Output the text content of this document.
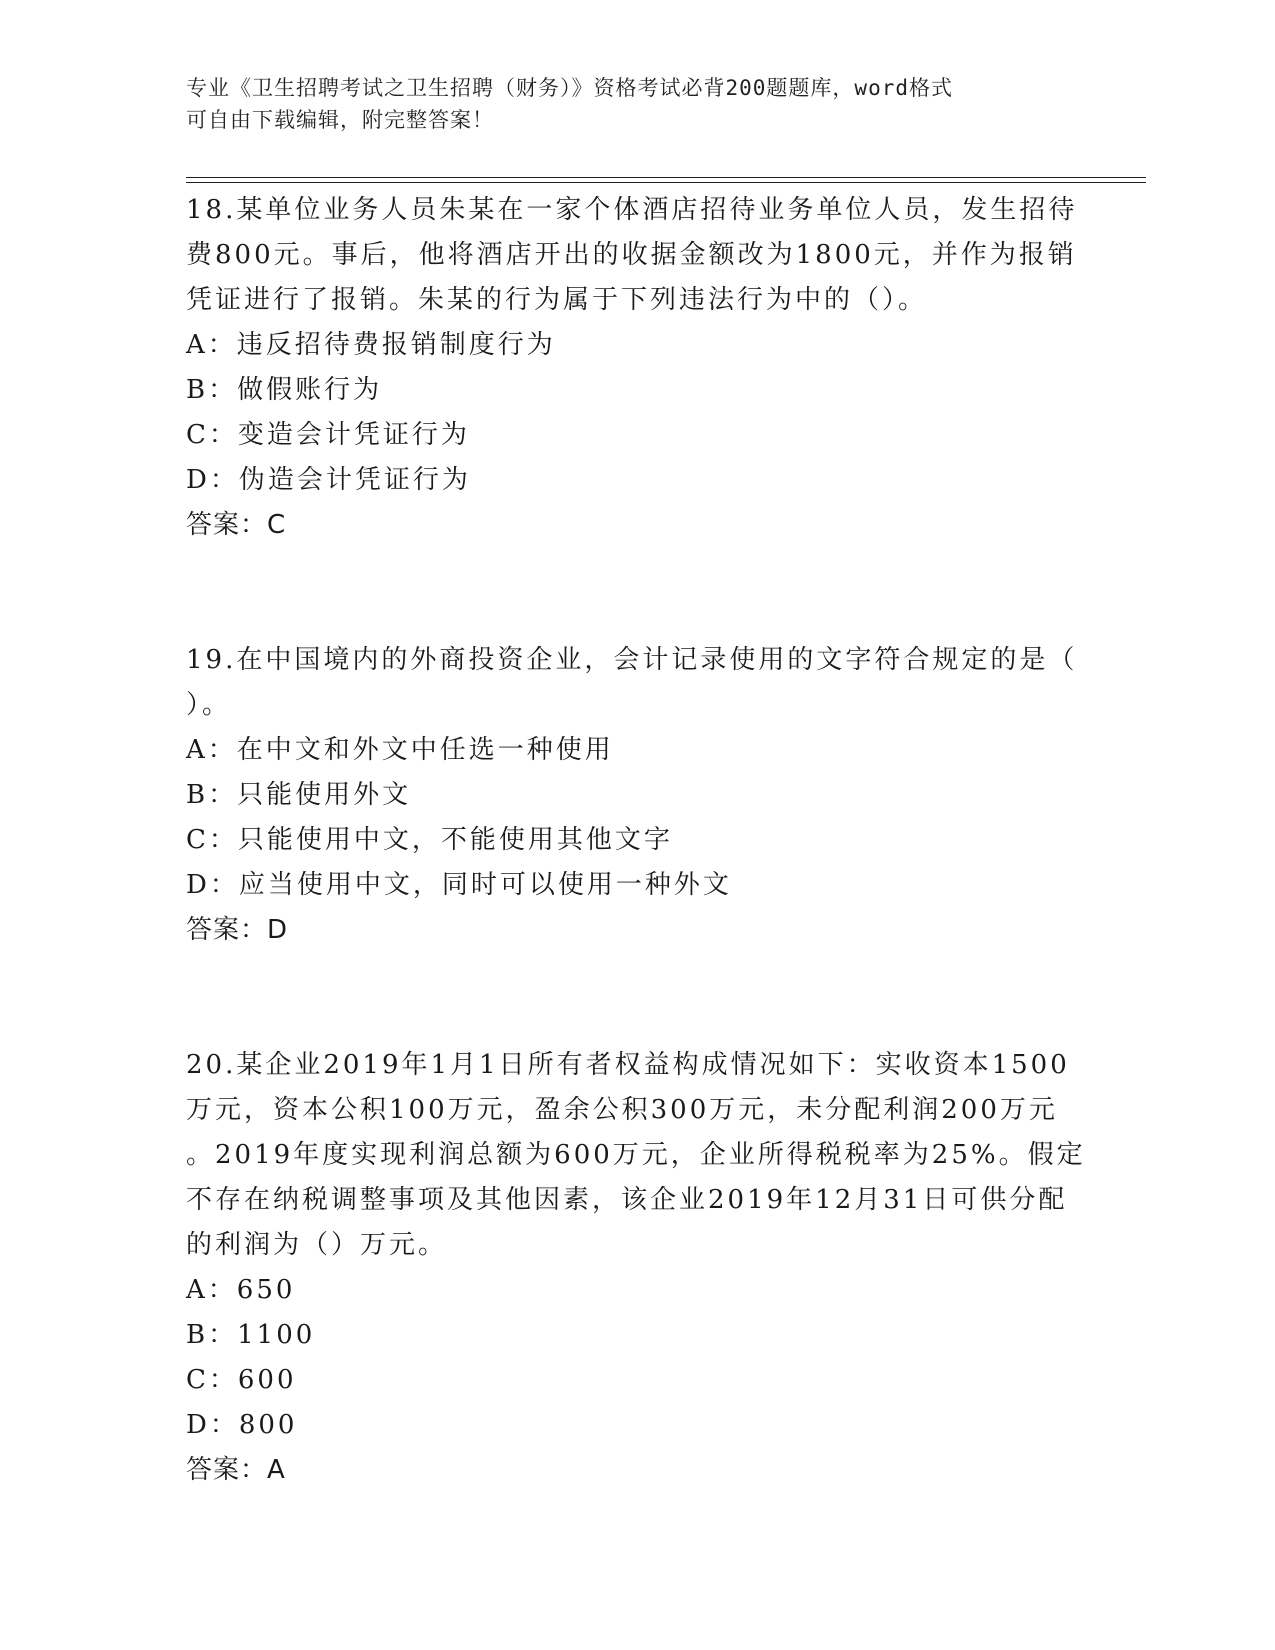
专业《卫生招聘考试之卫生招聘（财务）》资格考试必背200题题库，word格式
可自由下载编辑，附完整答案！
18.某单位业务人员朱某在一家个体酒店招待业务单位人员，发生招待
费800元。事后，他将酒店开出的收据金额改为1800元，并作为报销
凭证进行了报销。朱某的行为属于下列违法行为中的（）。
A：违反招待费报销制度行为
B：做假账行为
C：变造会计凭证行为
D：伪造会计凭证行为
答案：C
19.在中国境内的外商投资企业，会计记录使用的文字符合规定的是（
）。
A：在中文和外文中任选一种使用
B：只能使用外文
C：只能使用中文，不能使用其他文字
D：应当使用中文，同时可以使用一种外文
答案：D
20.某企业2019年1月1日所有者权益构成情况如下：实收资本1500
万元，资本公积100万元，盈余公积300万元，未分配利润200万元
。2019年度实现利润总额为600万元，企业所得税税率为25%。假定
不存在纳税调整事项及其他因素，该企业2019年12月31日可供分配
的利润为（）万元。
A：650
B：1100
C：600
D：800
答案：A
